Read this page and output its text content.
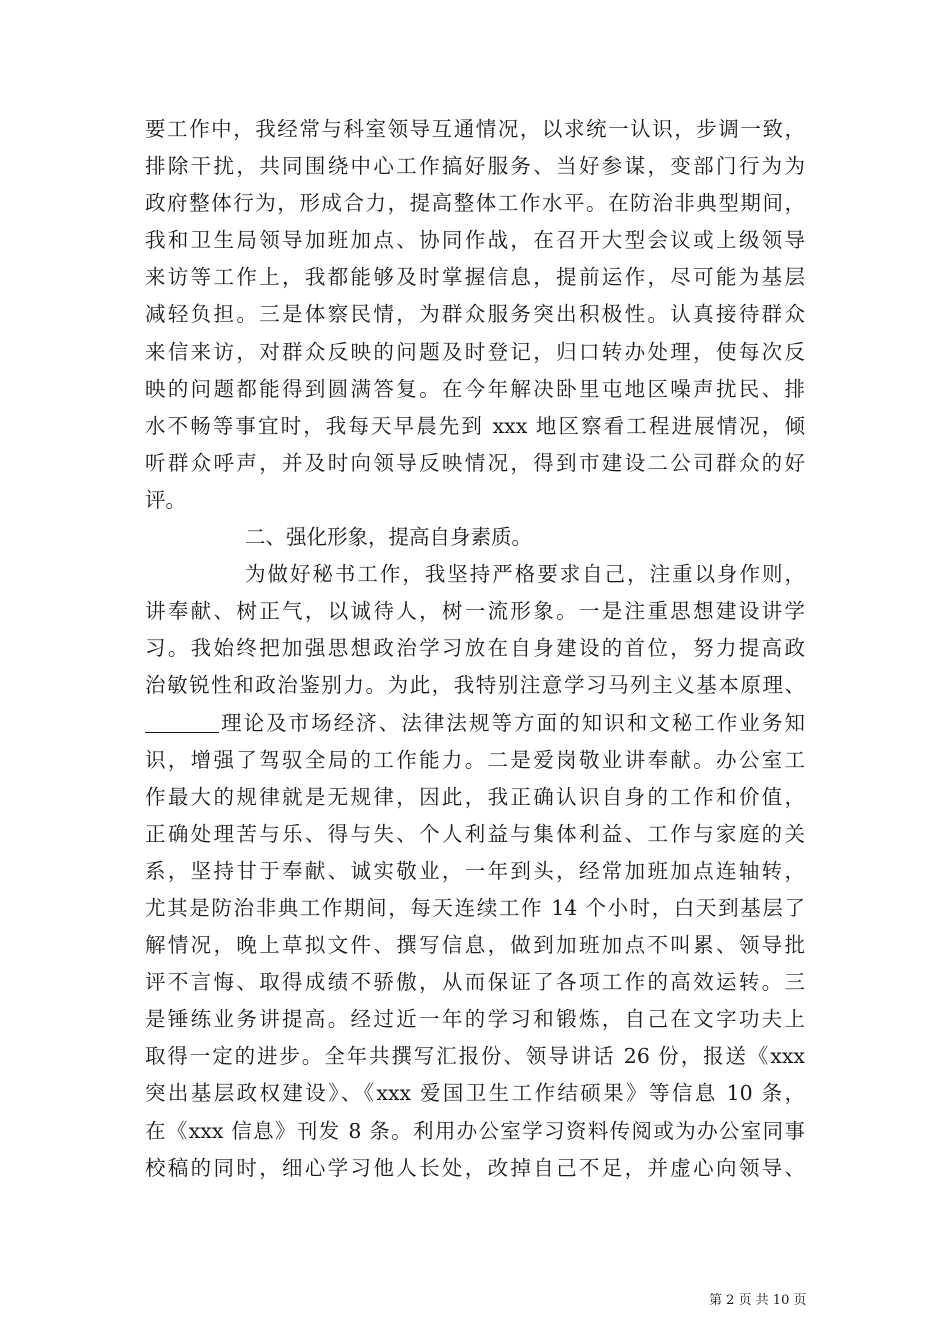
要工作中，我经常与科室领导互通情况，以求统一认识，步调一致，
排除干扰，共同围绕中心工作搞好服务、当好参谋，变部门行为为
政府整体行为，形成合力，提高整体工作水平。在防治非典型期间，
我和卫生局领导加班加点、协同作战，在召开大型会议或上级领导
来访等工作上，我都能够及时掌握信息，提前运作，尽可能为基层
减轻负担。三是体察民情，为群众服务突出积极性。认真接待群众
来信来访，对群众反映的问题及时登记，归口转办处理，使每次反
映的问题都能得到圆满答复。在今年解决卧里屯地区噪声扰民、排
水不畅等事宜时，我每天早晨先到 xxx 地区察看工程进展情况，倾
听群众呼声，并及时向领导反映情况，得到市建设二公司群众的好
评。
二、强化形象，提高自身素质。
为做好秘书工作，我坚持严格要求自己，注重以身作则，
讲奉献、树正气，以诚待人，树一流形象。一是注重思想建设讲学
习。我始终把加强思想政治学习放在自身建设的首位，努力提高政
治敏锐性和政治鉴别力。为此，我特别注意学习马列主义基本原理、
理论及市场经济、法律法规等方面的知识和文秘工作业务知
识，增强了驾驭全局的工作能力。二是爱岗敬业讲奉献。办公室工
作最大的规律就是无规律，因此，我正确认识自身的工作和价值，
正确处理苦与乐、得与失、个人利益与集体利益、工作与家庭的关
系，坚持甘于奉献、诚实敬业，一年到头，经常加班加点连轴转，
尤其是防治非典工作期间，每天连续工作 14 个小时，白天到基层了
解情况，晚上草拟文件、撰写信息，做到加班加点不叫累、领导批
评不言悔、取得成绩不骄傲，从而保证了各项工作的高效运转。三
是锤练业务讲提高。经过近一年的学习和锻炼，自己在文字功夫上
取得一定的进步。全年共撰写汇报份、领导讲话 26 份，报送《xxx
突出基层政权建设》、《xxx 爱国卫生工作结硕果》等信息 10 条，
在《xxx 信息》刊发 8 条。利用办公室学习资料传阅或为办公室同事
校稿的同时，细心学习他人长处，改掉自己不足，并虚心向领导、
第 2 页 共 10 页
